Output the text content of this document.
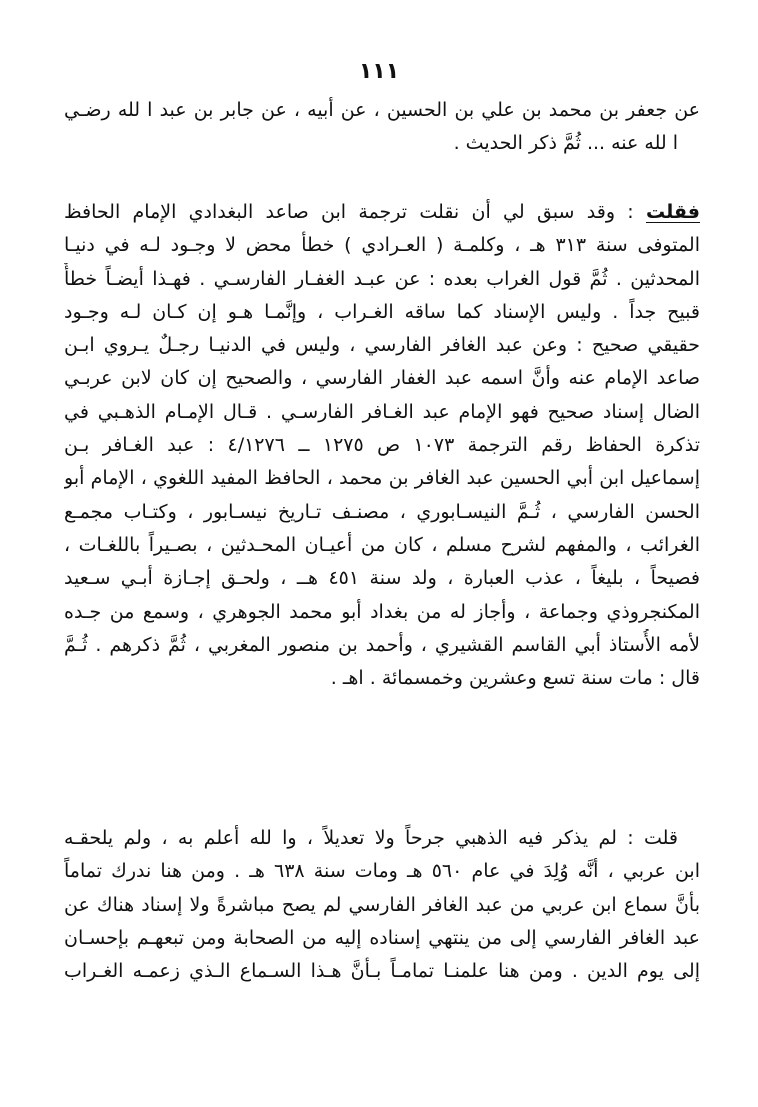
١١١
عن جعفر بن محمد بن علي بن الحسين ، عن أبيه ، عن جابر بن عبد ا لله رضـي
ا لله عنه ... ثُمَّ ذكر الحديث .
فقلت : وقد سبق لي أن نقلت ترجمة ابن صاعد البغدادي الإمام الحافظ
المتوفى سنة ٣١٣ هـ ، وكلمـة ( العـرادي ) خطأ محض لا وجـود لـه في دنيـا
المحدثين . ثُمَّ قول الغراب بعده : عن عبـد الغفـار الفارسـي . فهـذا أيضـاً خطأٌ
قبيح جداً . وليس الإسناد كما ساقه الغـراب ، وإنَّمـا هـو إن كـان لـه وجـود
حقيقي صحيح : وعن عبد الغافر الفارسي ، وليس في الدنيـا رجـلٌ يـروي ابـن
صاعد الإمام عنه وأنَّ اسمه عبد الغفار الفارسي ، والصحيح إن كان لابن عربـي
الضال إسناد صحيح فهو الإمام عبد الغـافر الفارسـي . قـال الإمـام الذهـبي في
تذكرة الحفاظ رقم الترجمة ١٠٧٣ ص ١٢٧٥ ــ ٤/١٢٧٦ : عبد الغـافر بـن
إسماعيل ابن أبي الحسين عبد الغافر بن محمد ، الحافظ المفيد اللغوي ، الإمام أبو
الحسن الفارسي ، ثُـمَّ النيسـابوري ، مصنـف تـاريخ نيسـابور ، وكتـاب مجمـع
الغرائب ، والمفهم لشرح مسلم ، كان من أعيـان المحـدثين ، بصـيراً باللغـات ،
فصيحاً ، بليغاً ، عذب العبارة ، ولد سنة ٤٥١ هــ ، ولحـق إجـازة أبـي سـعيد
المكنجروذي وجماعة ، وأجاز له من بغداد أبو محمد الجوهري ، وسمع من جـده
لأمه الأُستاذ أبي القاسم القشيري ، وأحمد بن منصور المغربي ، ثُمَّ ذكرهم . ثُـمَّ
قال : مات سنة تسع وعشرين وخمسمائة . اهـ .
قلت : لم يذكر فيه الذهبي جرحاً ولا تعديلاً ، وا لله أعلم به ، ولم يلحقـه
ابن عربي ، أنَّه وُلِدَ في عام ٥٦٠ هـ ومات سنة ٦٣٨ هـ . ومن هنا ندرك تماماً
بأنَّ سماع ابن عربي من عبد الغافر الفارسي لم يصح مباشرةً ولا إسناد هناك عن
عبد الغافر الفارسي إلى من ينتهي إسناده إليه من الصحابة ومن تبعهـم بإحسـان
إلى يوم الدين . ومن هنا علمنـا تمامـاً بـأنَّ هـذا السـماع الـذي زعمـه الغـراب
